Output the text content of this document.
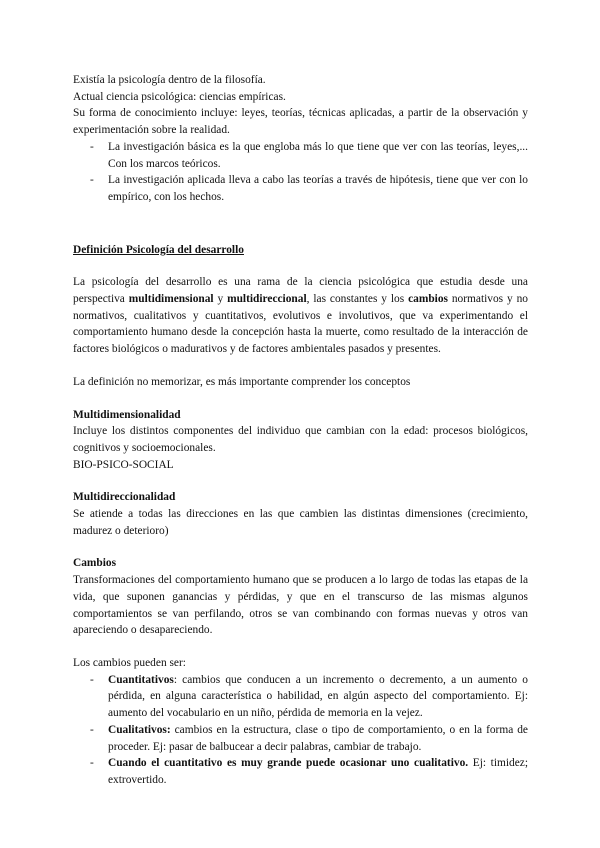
Existía la psicología dentro de la filosofía.

Actual ciencia psicológica: ciencias empíricas.

Su forma de conocimiento incluye: leyes, teorías, técnicas aplicadas, a partir de la observación y experimentación sobre la realidad.

- La investigación básica es la que engloba más lo que tiene que ver con las teorías, leyes,... Con los marcos teóricos.
- La investigación aplicada lleva a cabo las teorías a través de hipótesis, tiene que ver con lo empírico, con los hechos.

Definición Psicología del desarrollo

La psicología del desarrollo es una rama de la ciencia psicológica que estudia desde una perspectiva multidimensional y multidireccional, las constantes y los cambios normativos y no normativos, cualitativos y cuantitativos, evolutivos e involutivos, que va experimentando el comportamiento humano desde la concepción hasta la muerte, como resultado de la interacción de factores biológicos o madurativos y de factores ambientales pasados y presentes.

La definición no memorizar, es más importante comprender los conceptos

Multidimensionalidad

Incluye los distintos componentes del individuo que cambian con la edad: procesos biológicos, cognitivos y socioemocionales.

BIO-PSICO-SOCIAL

Multidireccionalidad

Se atiende a todas las direcciones en las que cambien las distintas dimensiones (crecimiento, madurez o deterioro)

Cambios

Transformaciones del comportamiento humano que se producen a lo largo de todas las etapas de la vida, que suponen ganancias y pérdidas, y que en el transcurso de las mismas algunos comportamientos se van perfilando, otros se van combinando con formas nuevas y otros van apareciendo o desapareciendo.

Los cambios pueden ser:

- Cuantitativos: cambios que conducen a un incremento o decremento, a un aumento o pérdida, en alguna característica o habilidad, en algún aspecto del comportamiento. Ej: aumento del vocabulario en un niño, pérdida de memoria en la vejez.
- Cualitativos: cambios en la estructura, clase o tipo de comportamiento, o en la forma de proceder. Ej: pasar de balbucear a decir palabras, cambiar de trabajo.
- Cuando el cuantitativo es muy grande puede ocasionar uno cualitativo. Ej: timidez; extrovertido.
